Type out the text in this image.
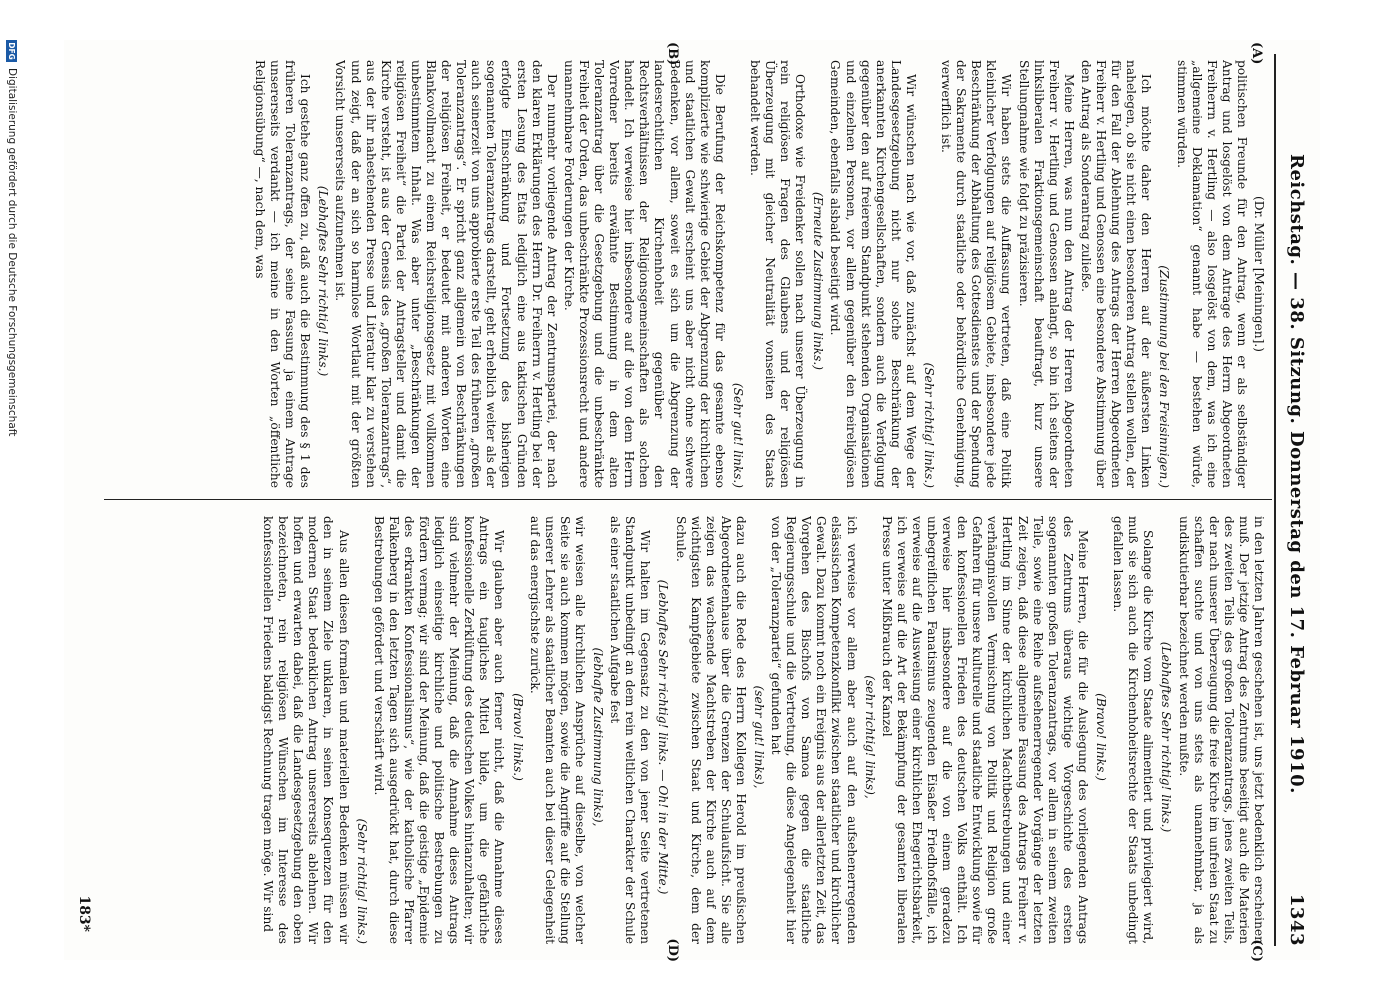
DFG
Digitalisierung gefördert durch die Deutsche Forschungsgemeinschaft	Reichstag. — 38. Sitzung. Donnerstag den 17. Februar 1910.
1343
(A)
(B)
(C)
(D)

(Dr. Müller [Meiningen].)

politischen Freunde für den Antrag, wenn er als selbständiger Antrag und losgelöst von dem Antrage des Herrn Abgeordneten Freiherrn v. Hertling — also losgelöst von dem, was ich eine „allgemeine Deklamation“ genannt habe — bestehen würde, stimmen würden.

(Zustimmung bei den Freisinnigen.)

Ich möchte daher den Herren auf der äußersten Linken nahelegen, ob sie nicht einen besonderen Antrag stellen wollen, der für den Fall der Ablehnung des Antrags der Herren Abgeordneten Freiherr v. Hertling und Genossen eine besondere Abstimmung über den Antrag als Sonderantrag zuließe.

Meine Herren, was nun den Antrag der Herren Abgeordneten Freiherr v. Hertling und Genossen anlangt, so bin ich seitens der linksliberalen Fraktionsgemeinschaft beauftragt, kurz unsere Stellungnahme wie folgt zu präzisieren.

Wir haben stets die Auffassung vertreten, daß eine Politik kleinlicher Verfolgungen auf religiösem Gebiete, insbesondere jede Beschränkung der Abhaltung des Gottesdienstes und der Spendung der Sakramente durch staatliche oder behördliche Genehmigung, verwerflich ist.

(Sehr richtig! links.)

Wir wünschen nach wie vor, daß zunächst auf dem Wege der Landesgesetzgebung nicht nur solche Beschränkung der anerkannten Kirchengesellschaften, sondern auch die Verfolgung gegenüber den auf freierem Standpunkt stehenden Organisationen und einzelnen Personen, vor allem gegenüber den freireligiösen Gemeinden, ebenfalls alsbald beseitigt wird.

(Erneute Zustimmung links.)

Orthodoxe wie Freidenker sollen nach unserer Überzeugung in rein religiösen Fragen des Glaubens und der religiösen Überzeugung mit gleicher Neutralität vonseiten des Staats behandelt werden.

(Sehr gut! links.)

Die Berufung der Reichskompetenz für das gesamte ebenso komplizierte wie schwierige Gebiet der Abgrenzung der kirchlichen und staatlichen Gewalt erscheint uns aber nicht ohne schwere Bedenken, vor allem, soweit es sich um die Abgrenzung der landesrechtlichen Kirchenhoheit gegenüber den Rechtsverhältnissen der Religionsgemeinschaften als solchen handelt. Ich verweise hier insbesondere auf die von dem Herrn Vorredner bereits erwähnte Bestimmung in dem alten Toleranzantrag über die Gesetzgebung und die unbeschränkte Freiheit der Orden, das unbeschränkte Prozessionsrecht und andere unannehmbare Forderungen der Kirche.

Der nunmehr vorliegende Antrag der Zentrumspartei, der nach den klaren Erklärungen des Herrn Dr. Freiherrn v. Hertling bei der ersten Lesung des Etats lediglich eine aus taktischen Gründen erfolgte Einschränkung und Fortsetzung des bisherigen sogenannten Toleranzantrags darstellt, geht erheblich weiter als der auch seinerzeit von uns approbierte erste Teil des früheren „großen Toleranzantrags“. Er spricht ganz allgemein von Beschränkungen der religiösen Freiheit, er bedeutet mit anderen Worten eine Blankovollmacht zu einem Reichsreligionsgesetz mit vollkommen unbestimmtem Inhalt. Was aber unter „Beschränkungen der religiösen Freiheit“ die Partei der Antragsteller und damit die Kirche versteht, ist aus der Genesis des „großen Toleranzantrags“, aus der ihr nahestehenden Presse und Literatur klar zu verstehen und zeigt, daß der an sich so harmlose Wortlaut mit der größten Vorsicht unsererseits aufzunehmen ist.

(Lebhaftes Sehr richtig! links.)

Ich gestehe ganz offen zu, daß auch die Bestimmung des § 1 des früheren Toleranzantrags, der seine Fassung ja einem Antrage unsererseits verdankt — ich meine in den Worten „öffentliche Religionsübung“ —, nach dem, was

in den letzten Jahren geschehen ist, uns jetzt bedenklich erscheinen muß. Der jetzige Antrag des Zentrums beseitigt auch die Materien des zweiten Teils des großen Toleranzantrags, jenes zweiten Teils, der nach unserer Überzeugung die freie Kirche im unfreien Staat zu schaffen suchte und von uns stets als unannehmbar, ja als undiskutierbar bezeichnet werden mußte.

(Lebhaftes Sehr richtig! links.)

Solange die Kirche vom Staate alimentiert und privilegiert wird, muß sie sich auch die Kirchenhoheitsrechte der Staats unbedingt gefallen lassen.

(Bravo! links.)

Meine Herren, die für die Auslegung des vorliegenden Antrags des Zentrums überaus wichtige Vorgeschichte des ersten sogenannten großen Toleranzantrags, vor allem in seinem zweiten Teile, sowie eine Reihe aufsehenerregender Vorgänge der letzten Zeit zeigen, daß diese allgemeine Fassung des Antrags Freiherr v. Hertling im Sinne der kirchlichen Machtbestrebungen und einer verhängnisvollen Vermischung von Politik und Religion große Gefahren für unsere kulturelle und staatliche Entwicklung sowie für den konfessionellen Frieden des deutschen Volks enthält. Ich verweise hier insbesondere auf die von einem geradezu unbegreiflichen Fanatismus zeugenden Eisaßer Friedhofsfälle, ich verweise auf die Ausweisung einer kirchlichen Ehegerichtsbarkeit, ich verweise auf die Art der Bekämpfung der gesamten liberalen Presse unter Mißbrauch der Kanzel

(sehr richtig! links),

ich verweise vor allem aber auch auf den aufsehenerregenden elsässischen Kompetenzkonflikt zwischen staatlicher und kirchlicher Gewalt. Dazu kommt noch ein Ereignis aus der allerletzten Zeit, das Vorgehen des Bischofs von Samoa gegen die staatliche Regierungsschule und die Vertretung, die diese Angelegenheit hier von der „Toleranzpartei“ gefunden hat

(sehr gut! links),

dazu auch die Rede des Herrn Kollegen Herold im preußischen Abgeordnetenhause über die Grenzen der Schulaufsicht. Sie alle zeigen das wachsende Machtstreben der Kirche auch auf dem wichtigsten Kampfgebiete zwischen Staat und Kirche, dem der Schule.

(Lebhaftes Sehr richtig! links. — Oh! in der Mitte.)

Wir halten im Gegensatz zu den von jener Seite vertretenen Standpunkt unbedingt an dem rein weltlichen Charakter der Schule als einer staatlichen Aufgabe fest

(lebhafte Zustimmung links),

wir weisen alle kirchlichen Ansprüche auf dieselbe, von welcher Seite sie auch kommen mögen, sowie die Angriffe auf die Stellung unserer Lehrer als staatlicher Beamten auch bei dieser Gelegenheit auf das energischste zurück.

(Bravo! links.)

Wir glauben aber auch ferner nicht, daß die Annahme dieses Antrags ein taugliches Mittel bilde, um die gefährliche konfessionelle Zerklüftung des deutschen Volkes hintanzuhalten; wir sind vielmehr der Meinung, daß die Annahme dieses Antrags lediglich einseitige kirchliche und politische Bestrebungen zu fördern vermag; wir sind der Meinung, daß die geistige „Epidemie des erkrankten Konfessionalismus“, wie der katholische Pfarrer Falkenberg in den letzten Tagen sich ausgedrückt hat, durch diese Bestrebungen gefördert und verschärft wird.

(Sehr richtig! links.)

Aus allen diesen formalen und materiellen Bedenken müssen wir den in seinem Ziele unklaren, in seinen Konsequenzen für den modernen Staat bedenklichen Antrag unsererseits ablehnen. Wir hoffen und erwarten dabei, daß die Landesgesetzgebung den oben bezeichneten, rein religiösen Wünschen im Interesse des konfessionellen Friedens baldigst Rechnung tragen möge. Wir sind

183*
